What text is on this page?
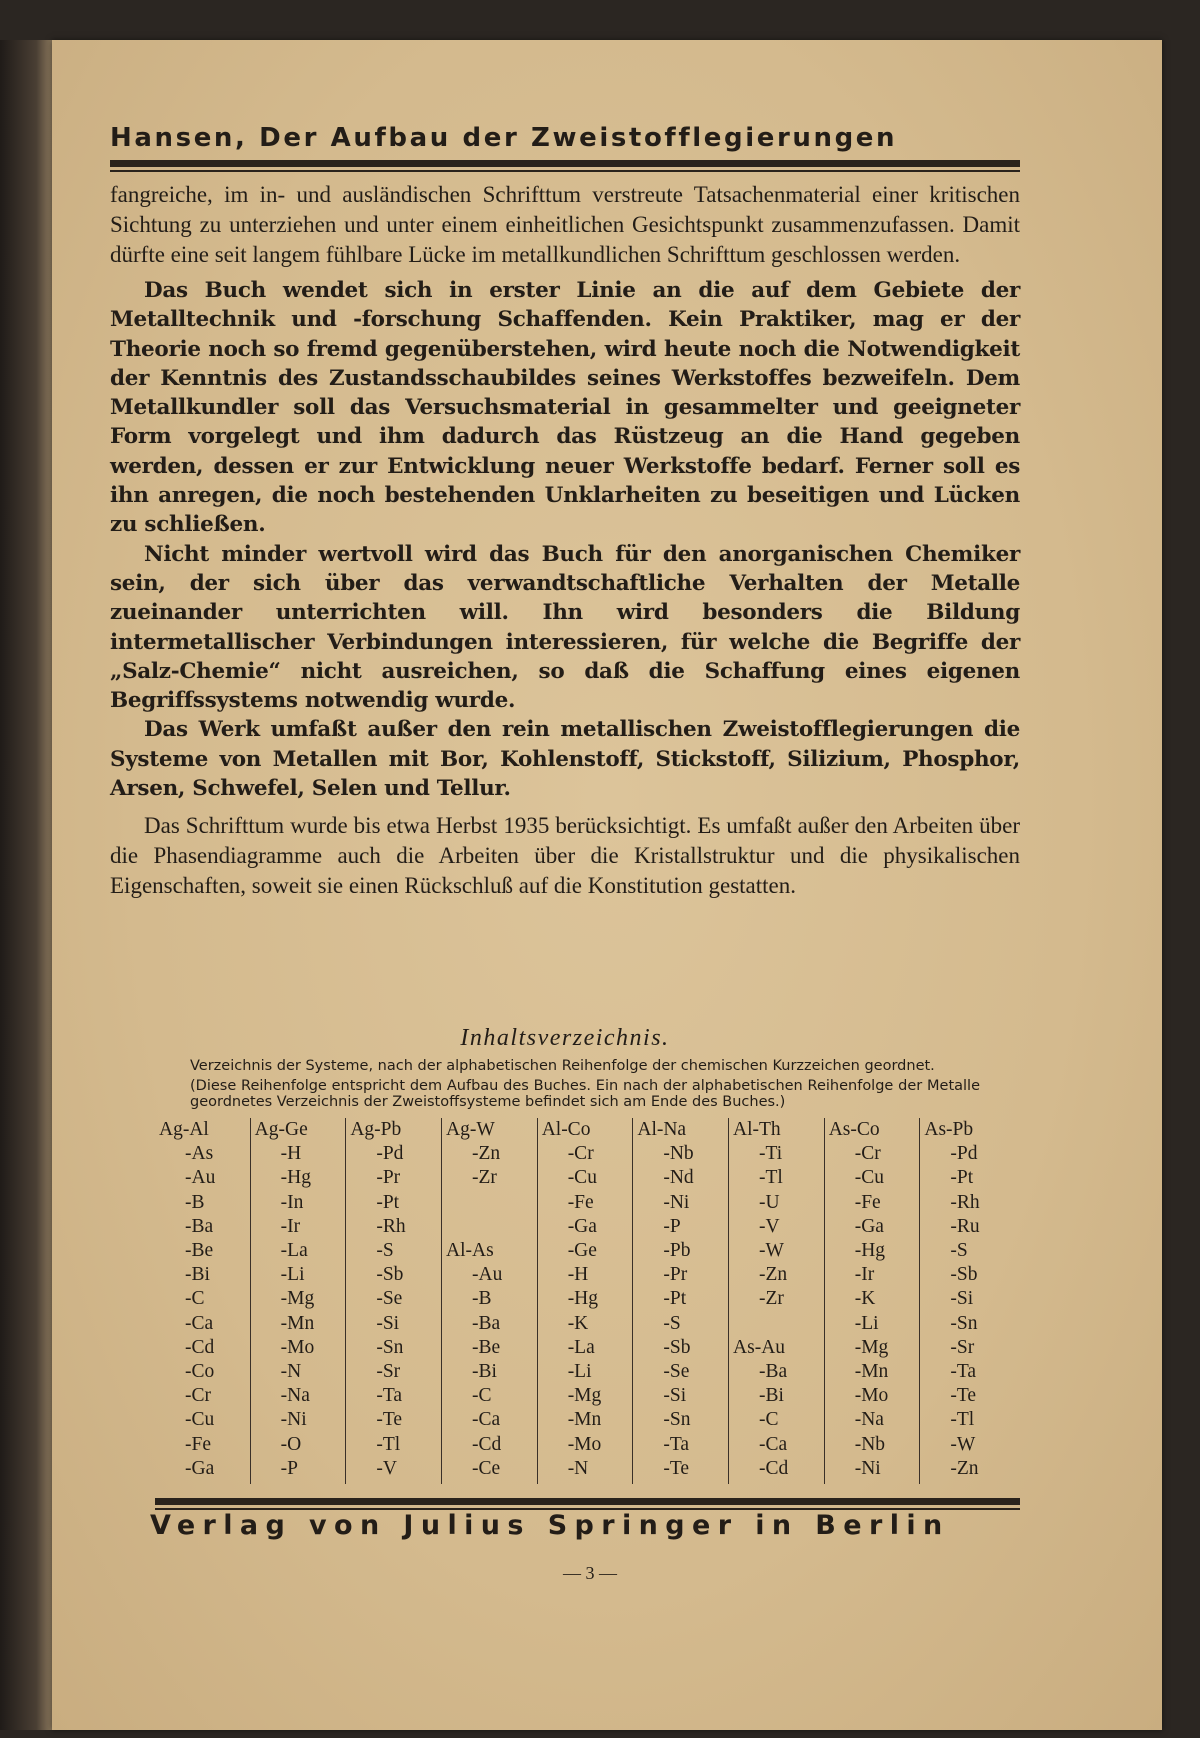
Hansen, Der Aufbau der Zweistofflegierungen

fangreiche, im in- und ausländischen Schrifttum verstreute Tatsachenmaterial einer kritischen Sichtung zu unterziehen und unter einem einheitlichen Gesichtspunkt zusammenzufassen. Damit dürfte eine seit langem fühlbare Lücke im metallkundlichen Schrifttum geschlossen werden.

Das Buch wendet sich in erster Linie an die auf dem Gebiete der Metalltechnik und -forschung Schaffenden. Kein Praktiker, mag er der Theorie noch so fremd gegenüberstehen, wird heute noch die Notwendigkeit der Kenntnis des Zustandsschaubildes seines Werkstoffes bezweifeln. Dem Metallkundler soll das Versuchsmaterial in gesammelter und geeigneter Form vorgelegt und ihm dadurch das Rüstzeug an die Hand gegeben werden, dessen er zur Entwicklung neuer Werkstoffe bedarf. Ferner soll es ihn anregen, die noch bestehenden Unklarheiten zu beseitigen und Lücken zu schließen.

Nicht minder wertvoll wird das Buch für den anorganischen Chemiker sein, der sich über das verwandtschaftliche Verhalten der Metalle zueinander unterrichten will. Ihn wird besonders die Bildung intermetallischer Verbindungen interessieren, für welche die Begriffe der „Salz-Chemie“ nicht ausreichen, so daß die Schaffung eines eigenen Begriffssystems notwendig wurde.

Das Werk umfaßt außer den rein metallischen Zweistofflegierungen die Systeme von Metallen mit Bor, Kohlenstoff, Stickstoff, Silizium, Phosphor, Arsen, Schwefel, Selen und Tellur.

Das Schrifttum wurde bis etwa Herbst 1935 berücksichtigt. Es umfaßt außer den Arbeiten über die Phasendiagramme auch die Arbeiten über die Kristallstruktur und die physikalischen Eigenschaften, soweit sie einen Rückschluß auf die Konstitution gestatten.

Inhaltsverzeichnis.
Verzeichnis der Systeme, nach der alphabetischen Reihenfolge der chemischen Kurzzeichen geordnet.
(Diese Reihenfolge entspricht dem Aufbau des Buches. Ein nach der alphabetischen Reihenfolge der Metalle geordnetes Verzeichnis der Zweistoffsysteme befindet sich am Ende des Buches.)
Ag-Al
-As
-Au
-B
-Ba
-Be
-Bi
-C
-Ca
-Cd
-Co
-Cr
-Cu
-Fe
-Ga
Ag-Ge
-H
-Hg
-In
-Ir
-La
-Li
-Mg
-Mn
-Mo
-N
-Na
-Ni
-O
-P
Ag-Pb
-Pd
-Pr
-Pt
-Rh
-S
-Sb
-Se
-Si
-Sn
-Sr
-Ta
-Te
-Tl
-V
Ag-W
-Zn
-Zr
Al-As
-Au
-B
-Ba
-Be
-Bi
-C
-Ca
-Cd
-Ce
Al-Co
-Cr
-Cu
-Fe
-Ga
-Ge
-H
-Hg
-K
-La
-Li
-Mg
-Mn
-Mo
-N
Al-Na
-Nb
-Nd
-Ni
-P
-Pb
-Pr
-Pt
-S
-Sb
-Se
-Si
-Sn
-Ta
-Te
Al-Th
-Ti
-Tl
-U
-V
-W
-Zn
-Zr
As-Au
-Ba
-Bi
-C
-Ca
-Cd
As-Co
-Cr
-Cu
-Fe
-Ga
-Hg
-Ir
-K
-Li
-Mg
-Mn
-Mo
-Na
-Nb
-Ni
As-Pb
-Pd
-Pt
-Rh
-Ru
-S
-Sb
-Si
-Sn
-Sr
-Ta
-Te
-Tl
-W
-Zn
Verlag von Julius Springer in Berlin
— 3 —
